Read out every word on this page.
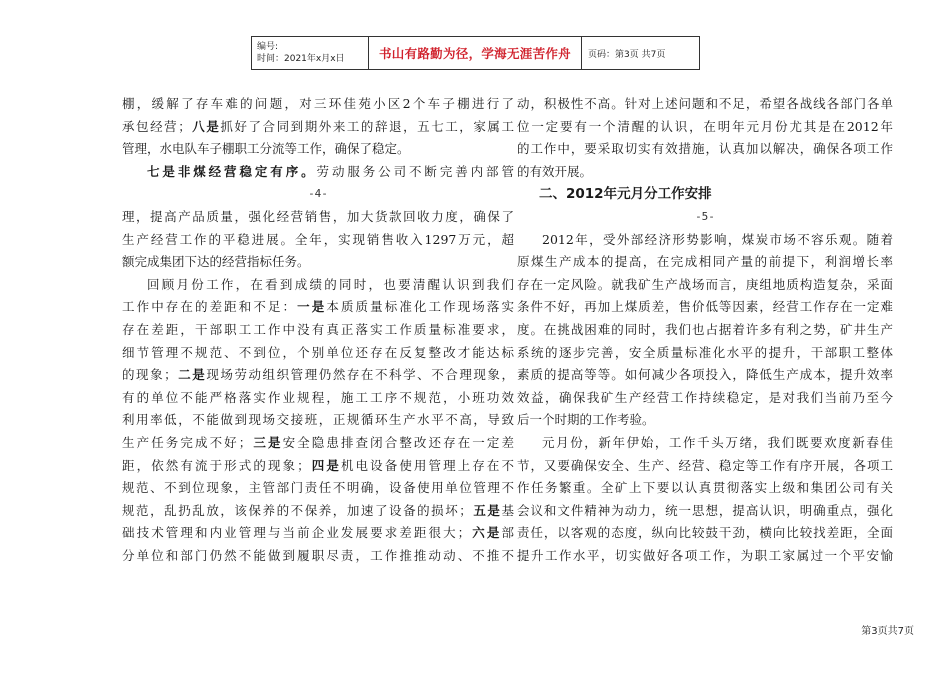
编号:
时间：2021年x月x日	书山有路勤为径，学海无涯苦作舟	页码：第3页 共7页
棚，缓解了存车难的问题，对三环佳苑小区2个车子棚进行了
承包经营；八是抓好了合同到期外来工的辞退，五七工，家属工
管理，水电队车子棚职工分流等工作，确保了稳定。
七是非煤经营稳定有序。劳动服务公司不断完善内部管
-4-
理，提高产品质量，强化经营销售，加大货款回收力度，确保了
生产经营工作的平稳进展。全年，实现销售收入1297万元，超
额完成集团下达的经营指标任务。
回顾月份工作，在看到成绩的同时，也要清醒认识到我们
工作中存在的差距和不足：一是本质质量标准化工作现场落实
存在差距，干部职工工作中没有真正落实工作质量标准要求，
细节管理不规范、不到位，个别单位还存在反复整改才能达标
的现象；二是现场劳动组织管理仍然存在不科学、不合理现象，
有的单位不能严格落实作业规程，施工工序不规范，小班功效
利用率低，不能做到现场交接班，正规循环生产水平不高，导致
生产任务完成不好；三是安全隐患排查闭合整改还存在一定差
距，依然有流于形式的现象；四是机电设备使用管理上存在不
规范、不到位现象，主管部门责任不明确，设备使用单位管理不
规范，乱扔乱放，该保养的不保养，加速了设备的损坏；五是基
础技术管理和内业管理与当前企业发展要求差距很大；六是部
分单位和部门仍然不能做到履职尽责，工作推推动动、不推不
动，积极性不高。针对上述问题和不足，希望各战线各部门各单
位一定要有一个清醒的认识，在明年元月份尤其是在2012年
的工作中，要采取切实有效措施，认真加以解决，确保各项工作
的有效开展。
二、2012年元月分工作安排
-5-
2012年，受外部经济形势影响，煤炭市场不容乐观。随着
原煤生产成本的提高，在完成相同产量的前提下，利润增长率
存在一定风险。就我矿生产战场而言，庚组地质构造复杂，采面
条件不好，再加上煤质差，售价低等因素，经营工作存在一定难
度。在挑战困难的同时，我们也占据着许多有利之势，矿井生产
系统的逐步完善，安全质量标准化水平的提升，干部职工整体
素质的提高等等。如何减少各项投入，降低生产成本，提升效率
效益，确保我矿生产经营工作持续稳定，是对我们当前乃至今
后一个时期的工作考验。
元月份，新年伊始，工作千头万绪，我们既要欢度新春佳
节，又要确保安全、生产、经营、稳定等工作有序开展，各项工
作任务繁重。全矿上下要以认真贯彻落实上级和集团公司有关
会议和文件精神为动力，统一思想，提高认识，明确重点，强化
责任，以客观的态度，纵向比较鼓干劲，横向比较找差距，全面
提升工作水平，切实做好各项工作，为职工家属过一个平安愉
第3页共7页
